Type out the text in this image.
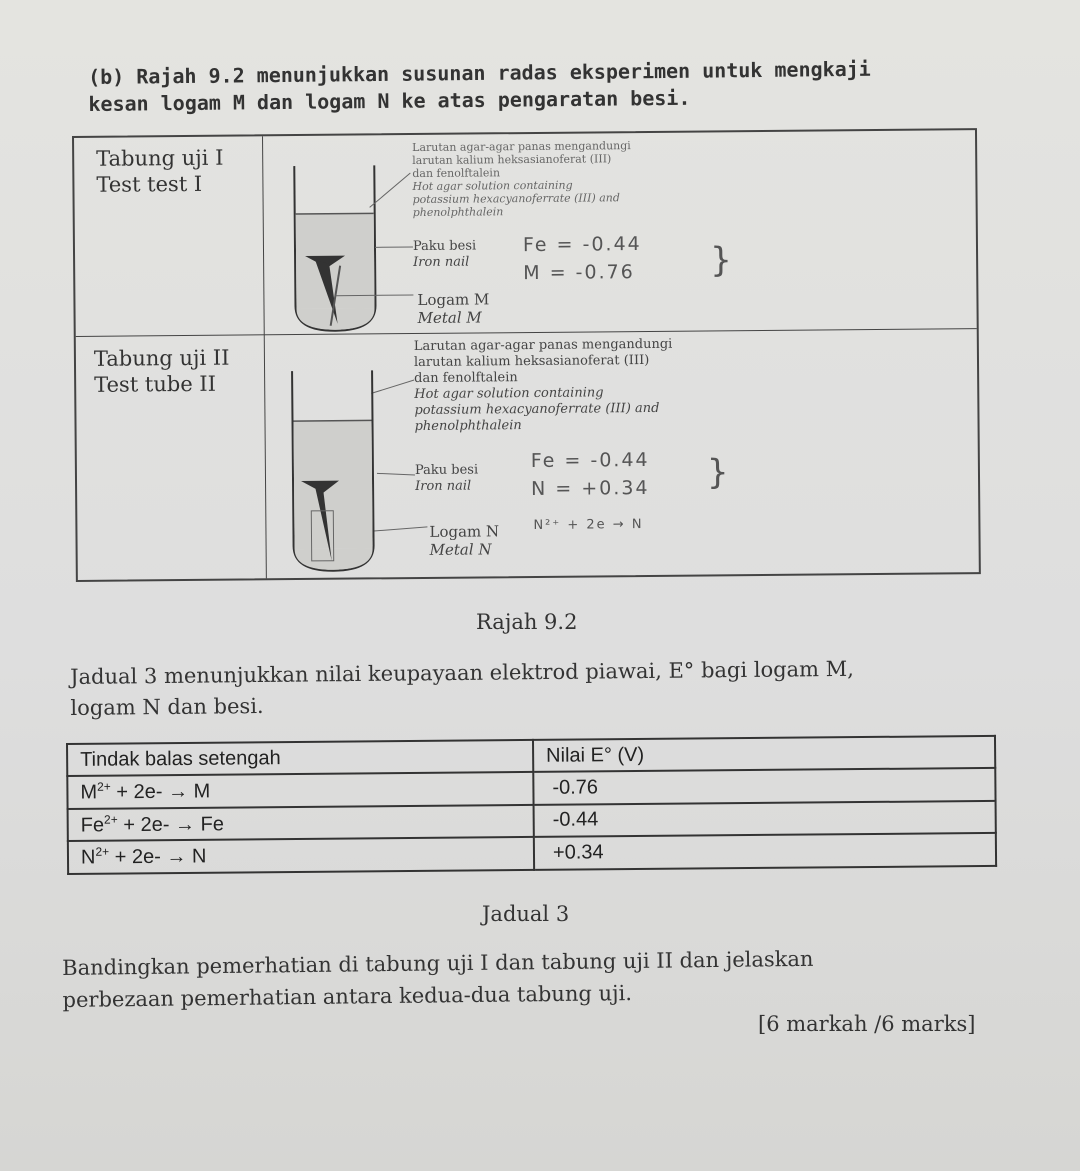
(b) Rajah 9.2 menunjukkan susunan radas eksperimen untuk mengkaji
kesan logam M dan logam N ke atas pengaratan besi.
Tabung uji I
Test test I
Larutan agar-agar panas mengandungi
larutan kalium heksasianoferat (III)
dan fenolftalein
Hot agar solution containing
potassium hexacyanoferrate (III) and
phenolphthalein
Paku besi
Iron nail
Logam M
Metal M
Fe = -0.44
M = -0.76 }
Tabung uji II
Test tube II
Larutan agar-agar panas mengandungi
larutan kalium heksasianoferat (III)
dan fenolftalein
Hot agar solution containing
potassium hexacyanoferrate (III) and
phenolphthalein
Paku besi
Iron nail
Logam N
Metal N
Fe = -0.44
N = +0.34 }
N²⁺ + 2e → N
Rajah 9.2
Jadual 3 menunjukkan nilai keupayaan elektrod piawai, E° bagi logam M,
logam N dan besi.
Tindak balas setengah	Nilai E° (V)
$M^{2+} + 2e- \to M$	-0.76
$Fe^{2+} + 2e- \to Fe$	-0.44
$N^{2+} + 2e- \to N$	+0.34
Jadual 3
Bandingkan pemerhatian di tabung uji I dan tabung uji II dan jelaskan
perbezaan pemerhatian antara kedua-dua tabung uji.
[6 markah /6 marks]
